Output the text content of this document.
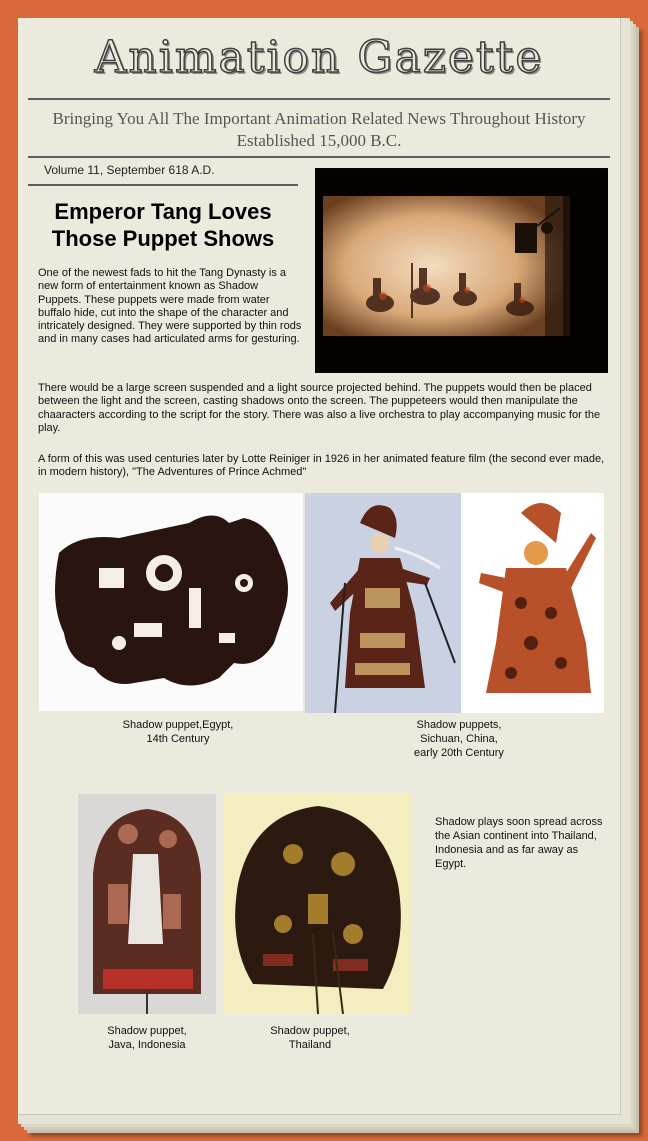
Animation Gazette
Bringing You All The Important Animation Related News Throughout History
Established 15,000 B.C.
Volume 11, September 618 A.D.
Emperor Tang Loves
Those Puppet Shows
One of the newest fads to hit the Tang Dynasty is a new form of entertainment known as Shadow Puppets. These puppets were made from water buffalo hide, cut into the shape of the character and intricately designed. They were supported by thin rods and in many cases had articulated arms for gesturing.
There would be a large screen suspended and a light source projected behind. The puppets would then be placed between the light and the screen, casting shadows onto the screen. The puppeteers would then manipulate the chaaracters according to the script for the story. There was also a live orchestra to play accompanying music for the play.
A form of this was used centuries later by Lotte Reiniger in 1926 in her animated feature film (the second ever made, in modern history), "The Adventures of Prince Achmed"
Shadow puppet,Egypt,
14th Century
Shadow puppets,
Sichuan, China,
early 20th Century
Shadow plays soon spread across the Asian continent into Thailand, Indonesia and as far away as Egypt.
Shadow puppet,
Java, Indonesia
Shadow puppet,
Thailand
